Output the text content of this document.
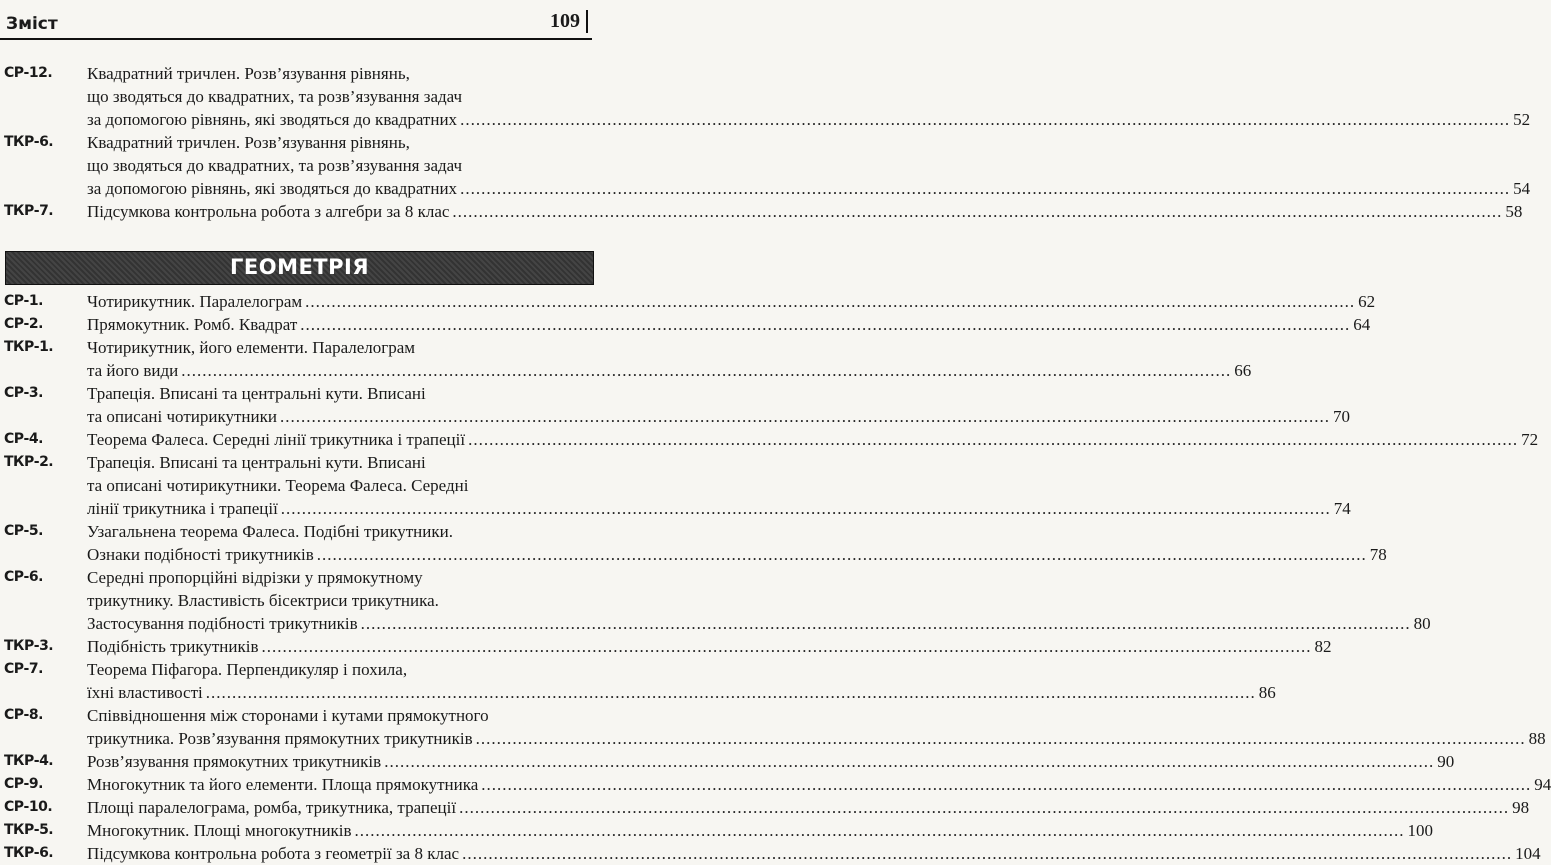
Зміст	109
СР-12. Квадратний тричлен. Розв’язування рівнянь,
що зводяться до квадратних, та розв’язування задач
за допомогою рівнянь, які зводяться до квадратних ........................................................................................................................................................................................................ 52
ТКР-6. Квадратний тричлен. Розв’язування рівнянь,
що зводяться до квадратних, та розв’язування задач
за допомогою рівнянь, які зводяться до квадратних ........................................................................................................................................................................................................ 54
ТКР-7. Підсумкова контрольна робота з алгебри за 8 клас ........................................................................................................................................................................................................ 58
ГЕОМЕТРІЯ
СР-1.	Чотирикутник. Паралелограм ........................................................................................................................................................................................................ 62
СР-2.	Прямокутник. Ромб. Квадрат ........................................................................................................................................................................................................ 64
ТКР-1. Чотирикутник, його елементи. Паралелограм
та його види ........................................................................................................................................................................................................ 66
СР-3.	Трапеція. Вписані та центральні кути. Вписані
та описані чотирикутники ........................................................................................................................................................................................................ 70
СР-4.	Теорема Фалеса. Середні лінії трикутника і трапеції ........................................................................................................................................................................................................ 72
ТКР-2. Трапеція. Вписані та центральні кути. Вписані
та описані чотирикутники. Теорема Фалеса. Середні
лінії трикутника і трапеції ........................................................................................................................................................................................................ 74
СР-5.	Узагальнена теорема Фалеса. Подібні трикутники.
Ознаки подібності трикутників ........................................................................................................................................................................................................ 78
СР-6.	Середні пропорційні відрізки у прямокутному
трикутнику. Властивість бісектриси трикутника.
Застосування подібності трикутників ........................................................................................................................................................................................................ 80
ТКР-3. Подібність трикутників ........................................................................................................................................................................................................ 82
СР-7.	Теорема Піфагора. Перпендикуляр і похила,
їхні властивості ........................................................................................................................................................................................................ 86
СР-8.	Співвідношення між сторонами і кутами прямокутного
трикутника. Розв’язування прямокутних трикутників ........................................................................................................................................................................................................ 88
ТКР-4. Розв’язування прямокутних трикутників ........................................................................................................................................................................................................ 90
СР-9.	Многокутник та його елементи. Площа прямокутника ........................................................................................................................................................................................................ 94
СР-10. Площі паралелограма, ромба, трикутника, трапеції ........................................................................................................................................................................................................ 98
ТКР-5. Многокутник. Площі многокутників ........................................................................................................................................................................................................ 100
ТКР-6. Підсумкова контрольна робота з геометрії за 8 клас ........................................................................................................................................................................................................ 104
